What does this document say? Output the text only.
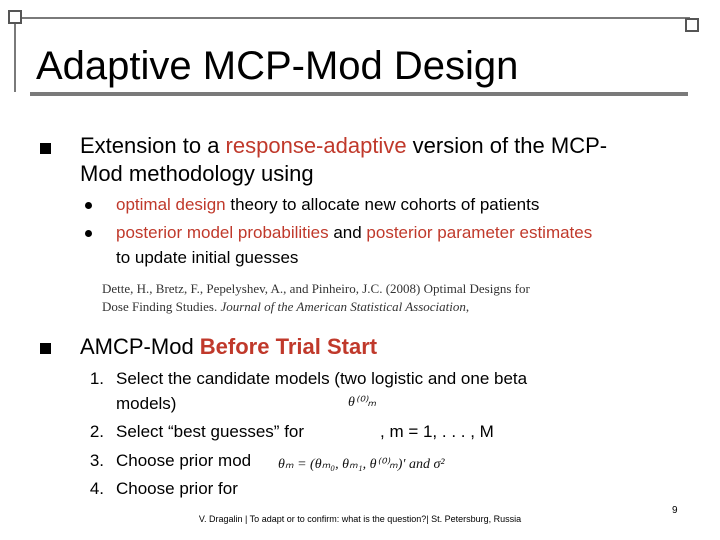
Adaptive MCP-Mod Design
Extension to a response-adaptive version of the MCP-
Mod methodology using
optimal design theory to allocate new cohorts of patients
posterior model probabilities and posterior parameter estimates
to update initial guesses
Dette, H., Bretz, F., Pepelyshev, A., and Pinheiro, J.C. (2008) Optimal Designs for
Dose Finding Studies. Journal of the American Statistical Association,
AMCP-Mod Before Trial Start
1. Select the candidate models (two logistic and one beta
models)	θ⁽⁰⁾ₘ
2. Select “best guesses” for	, m = 1, . . . , M
3. Choose prior mod θₘ = (θₘ₀, θₘ₁, θ⁽⁰⁾ₘ)′ and σ²
4. Choose prior for
9
V. Dragalin | To adapt or to confirm: what is the question?| St. Petersburg, Russia
